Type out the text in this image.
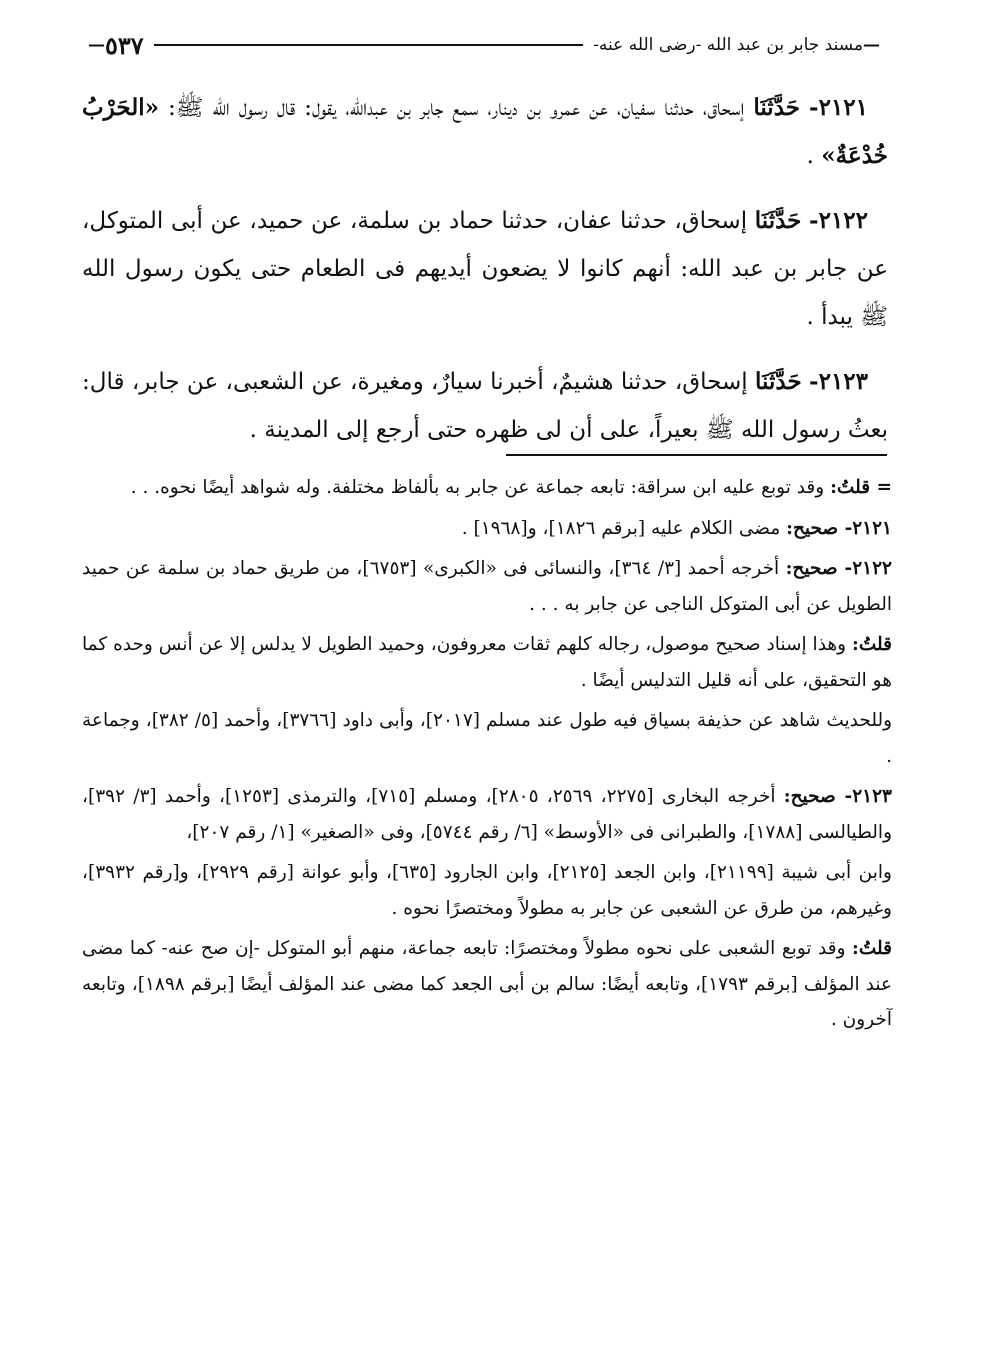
—
مسند جابر بن عبد الله -رضى الله عنه-
٥٣٧
—

٢١٢١- حَدَّثَنَا إسحاق، حدثنا سفيان، عن عمرو بن دينار، سمع جابر بن عبدالله، يقول: قال رسول الله ﷺ: «الحَرْبُ خُدْعَةٌ» .

٢١٢٢- حَدَّثَنَا إسحاق، حدثنا عفان، حدثنا حماد بن سلمة، عن حميد، عن أبى المتوكل، عن جابر بن عبد الله: أنهم كانوا لا يضعون أيديهم فى الطعام حتى يكون رسول الله ﷺ يبدأ .

٢١٢٣- حَدَّثَنَا إسحاق، حدثنا هشيمٌ، أخبرنا سيارٌ، ومغيرة، عن الشعبى، عن جابر، قال: بعثُ رسول الله ﷺ بعيراً، على أن لى ظهره حتى أرجع إلى المدينة .

= قلتُ: وقد توبع عليه ابن سراقة: تابعه جماعة عن جابر به بألفاظ مختلفة. وله شواهد أيضًا نحوه. . .

٢١٢١- صحيح: مضى الكلام عليه [برقم ١٨٢٦]، و[١٩٦٨] .

٢١٢٢- صحيح: أخرجه أحمد [٣/ ٣٦٤]، والنسائى فى «الكبرى» [٦٧٥٣]، من طريق حماد بن سلمة عن حميد الطويل عن أبى المتوكل الناجى عن جابر به . . .

قلتُ: وهذا إسناد صحيح موصول، رجاله كلهم ثقات معروفون، وحميد الطويل لا يدلس إلا عن أنس وحده كما هو التحقيق، على أنه قليل التدليس أيضًا .

وللحديث شاهد عن حذيفة بسياق فيه طول عند مسلم [٢٠١٧]، وأبى داود [٣٧٦٦]، وأحمد [٥/ ٣٨٢]، وجماعة .

٢١٢٣- صحيح: أخرجه البخارى [٢٢٧٥، ٢٥٦٩، ٢٨٠٥]، ومسلم [٧١٥]، والترمذى [١٢٥٣]، وأحمد [٣/ ٣٩٢]، والطيالسى [١٧٨٨]، والطبرانى فى «الأوسط» [٦/ رقم ٥٧٤٤]، وفى «الصغير» [١/ رقم ٢٠٧]،

وابن أبى شيبة [٢١١٩٩]، وابن الجعد [٢١٢٥]، وابن الجارود [٦٣٥]، وأبو عوانة [رقم ٢٩٢٩]، و[رقم ٣٩٣٢]، وغيرهم، من طرق عن الشعبى عن جابر به مطولاً ومختصرًا نحوه .

قلتُ: وقد توبع الشعبى على نحوه مطولاً ومختصرًا: تابعه جماعة، منهم أبو المتوكل -إن صح عنه- كما مضى عند المؤلف [برقم ١٧٩٣]، وتابعه أيضًا: سالم بن أبى الجعد كما مضى عند المؤلف أيضًا [برقم ١٨٩٨]، وتابعه آخرون .
